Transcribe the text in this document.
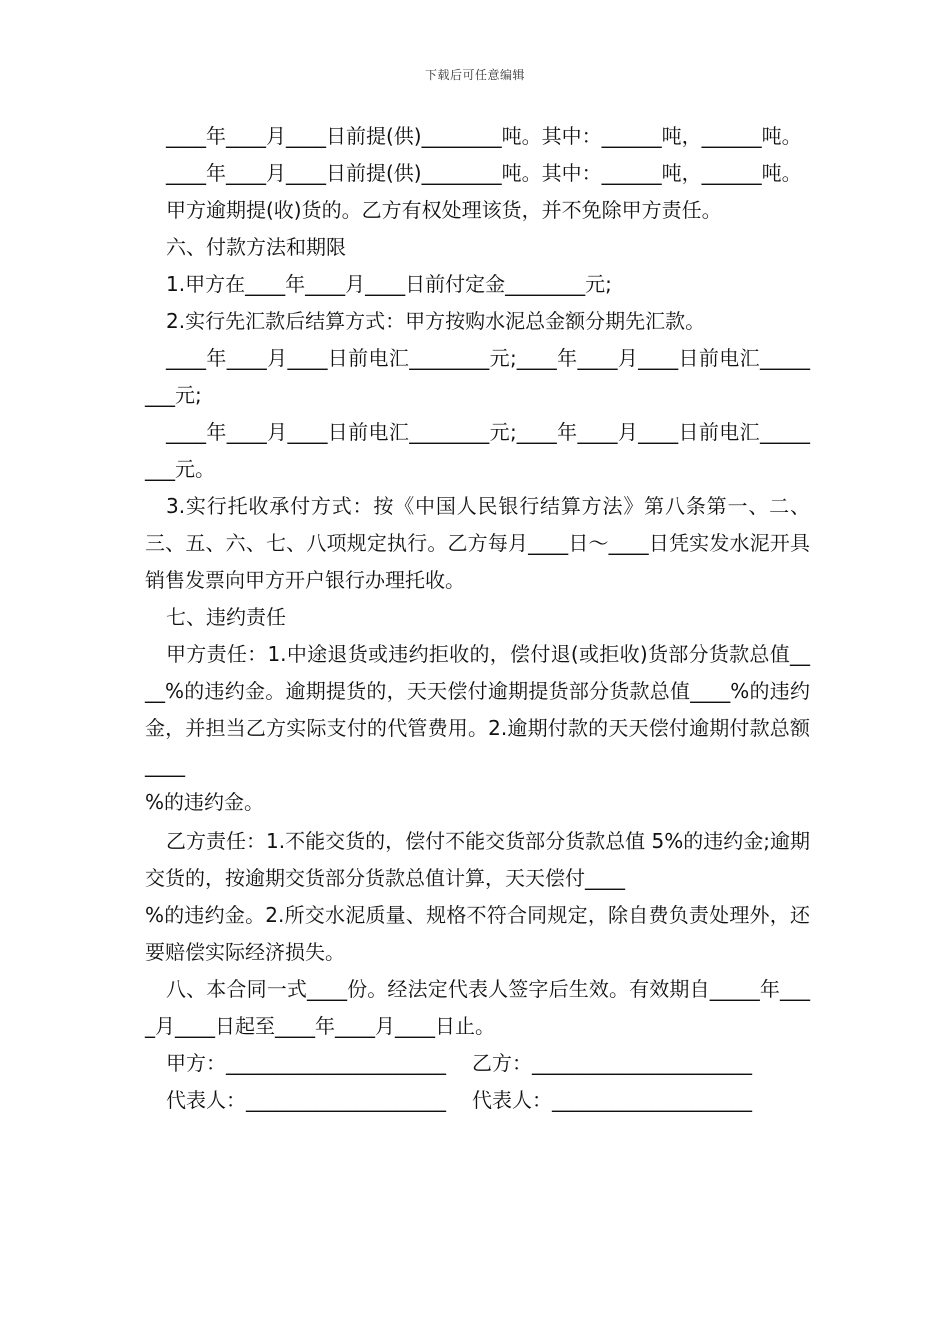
下载后可任意编辑

____年____月____日前提(供)________吨。其中：______吨，______吨。

____年____月____日前提(供)________吨。其中：______吨，______吨。

甲方逾期提(收)货的。乙方有权处理该货，并不免除甲方责任。

六、付款方法和期限

1.甲方在____年____月____日前付定金________元;

2.实行先汇款后结算方式：甲方按购水泥总金额分期先汇款。

____年____月____日前电汇________元;____年____月____日前电汇________元;

____年____月____日前电汇________元;____年____月____日前电汇________元。

3.实行托收承付方式：按《中国人民银行结算方法》第八条第一、二、三、五、六、七、八项规定执行。乙方每月____日～____日凭实发水泥开具销售发票向甲方开户银行办理托收。

七、违约责任

甲方责任：1.中途退货或违约拒收的，偿付退(或拒收)货部分货款总值____%的违约金。逾期提货的，天天偿付逾期提货部分货款总值____%的违约金，并担当乙方实际支付的代管费用。2.逾期付款的天天偿付逾期付款总额____

%的违约金。

乙方责任：1.不能交货的，偿付不能交货部分货款总值 5%的违约金;逾期交货的，按逾期交货部分货款总值计算，天天偿付____

%的违约金。2.所交水泥质量、规格不符合同规定，除自费负责处理外，还要赔偿实际经济损失。

八、本合同一式____份。经法定代表人签字后生效。有效期自_____年____月____日起至____年____月____日止。

甲方：______________________	乙方：______________________
代表人：____________________	代表人：____________________
